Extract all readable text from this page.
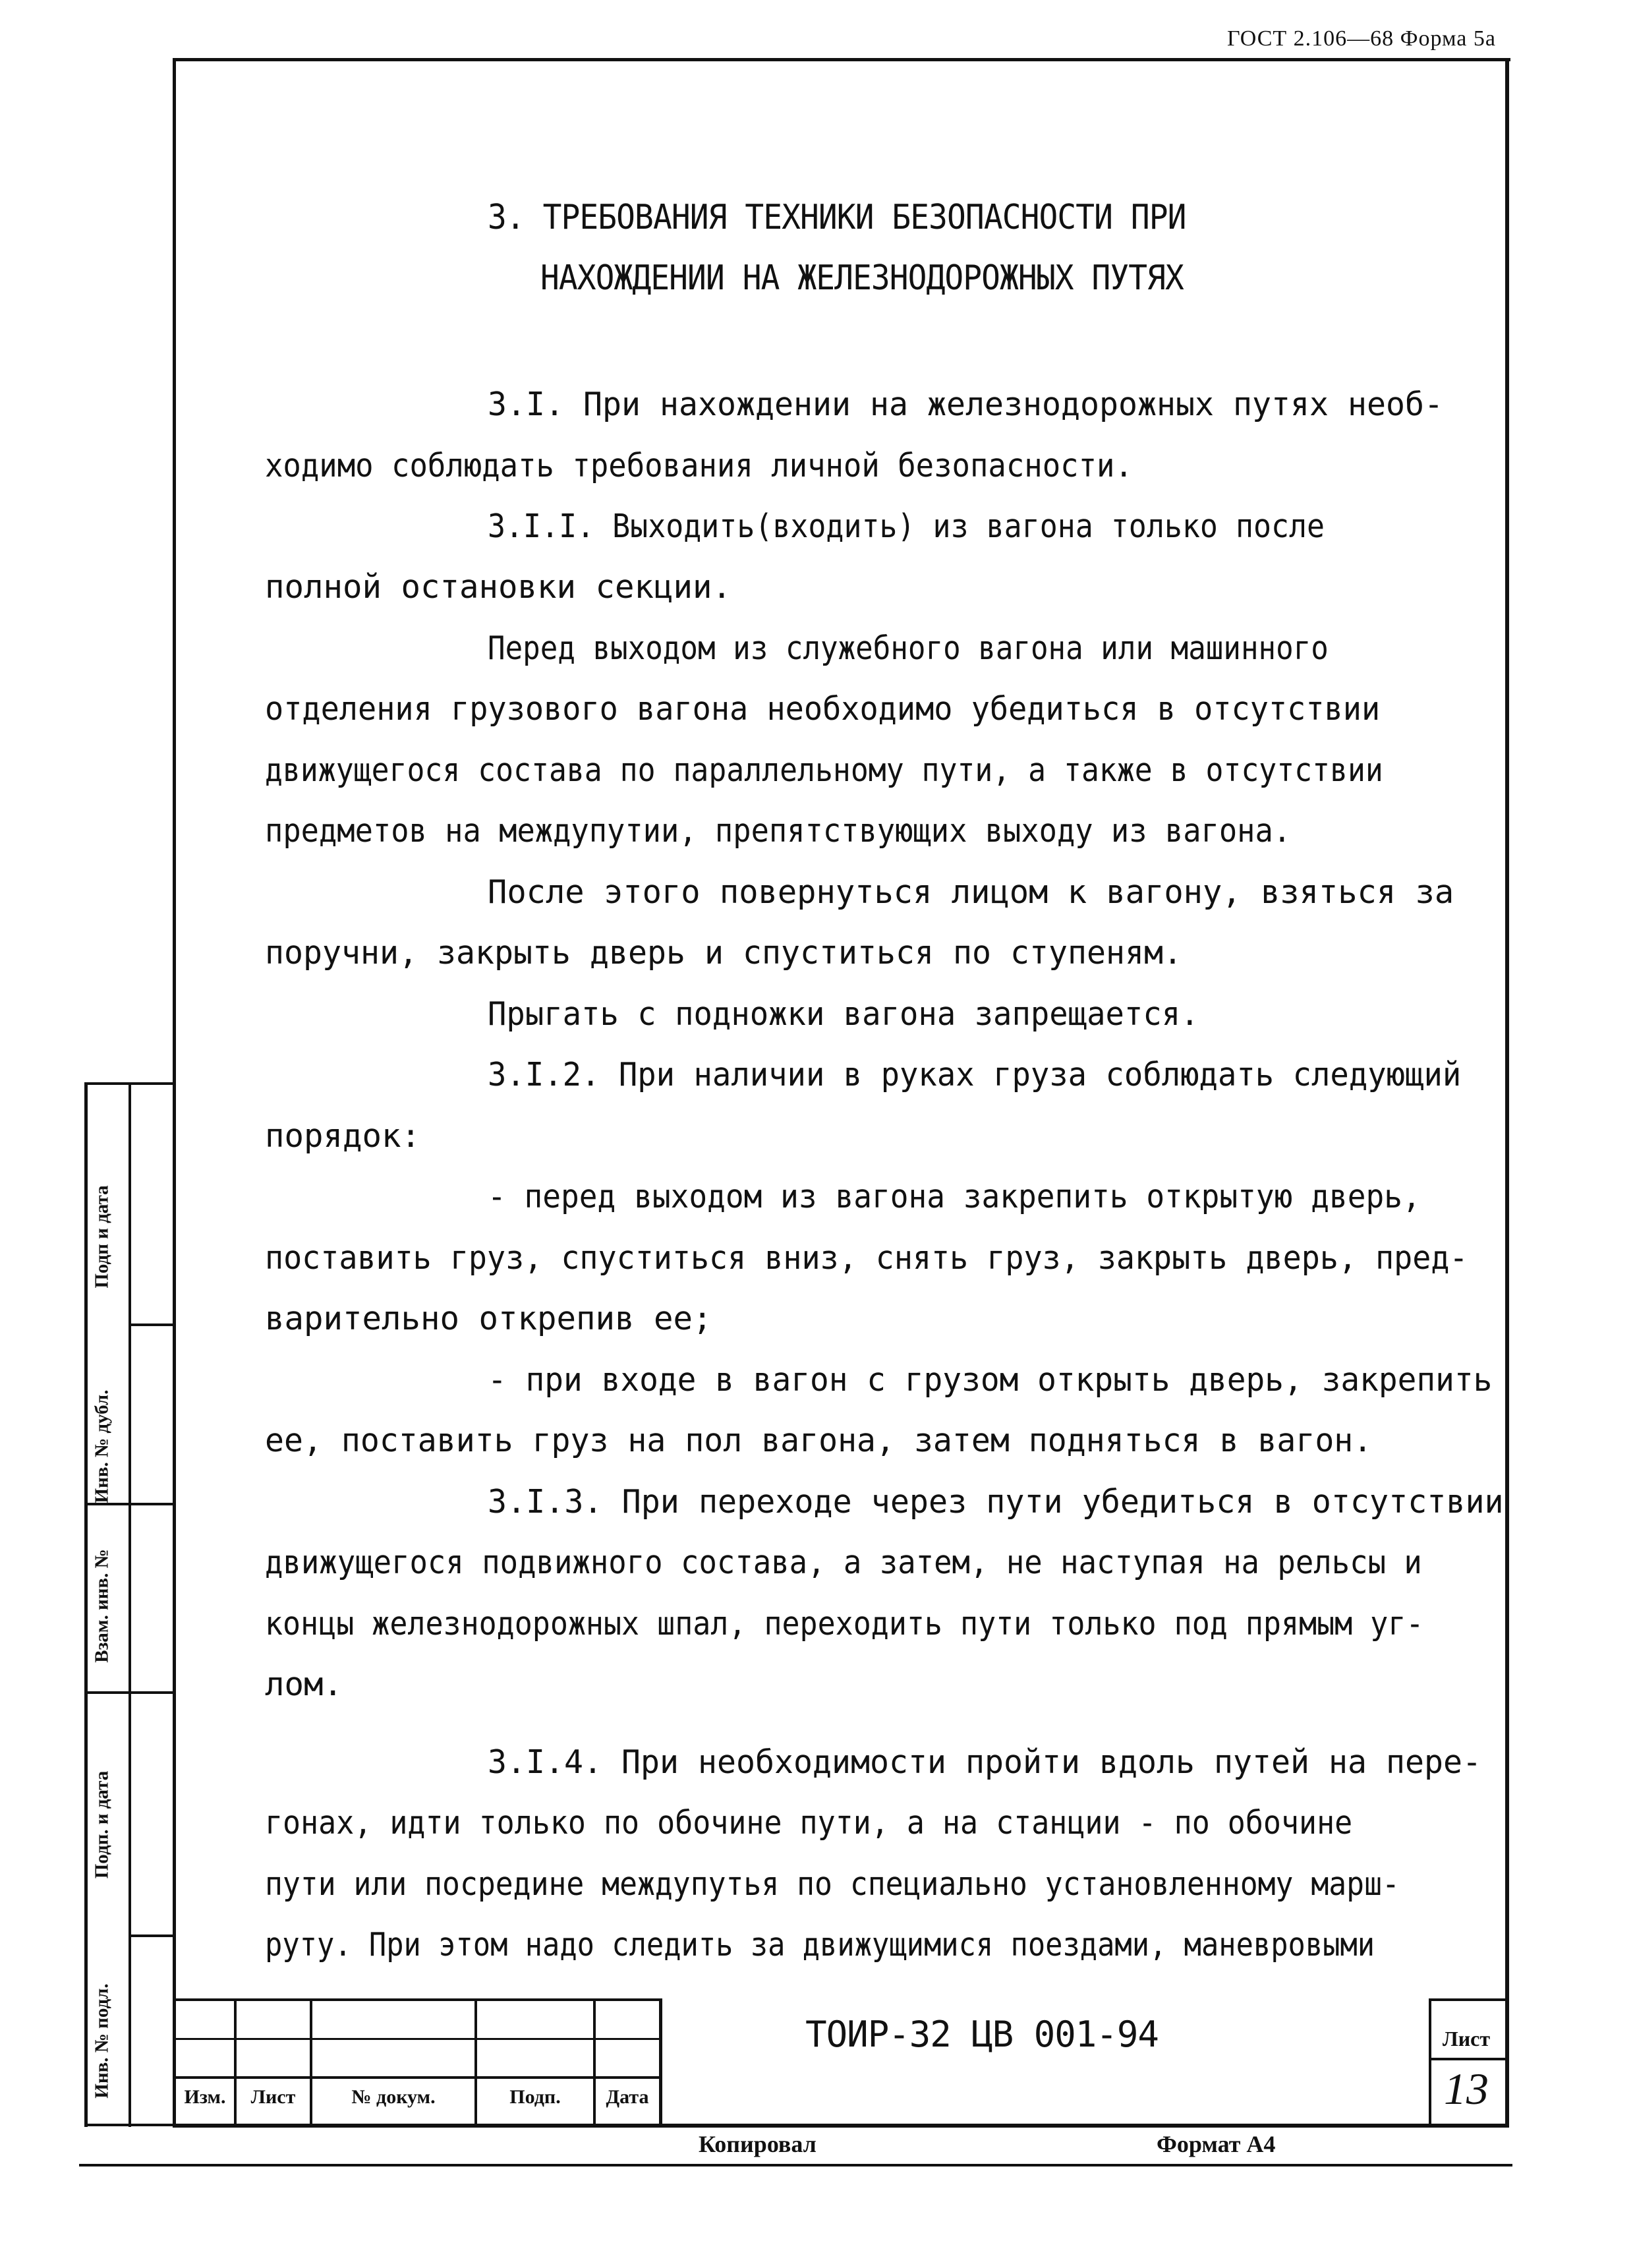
ГОСТ 2.106—68 Форма 5а
3. ТРЕБОВАНИЯ ТЕХНИКИ БЕЗОПАСНОСТИ ПРИ
НАХОЖДЕНИИ НА ЖЕЛЕЗНОДОРОЖНЫХ ПУТЯХ
3.I. При нахождении на железнодорожных путях необ-
ходимо соблюдать требования личной безопасности.
3.I.I. Выходить(входить) из вагона только после
полной остановки секции.
Перед выходом из служебного вагона или машинного
отделения грузового вагона необходимо убедиться в отсутствии
движущегося состава по параллельному пути, а также в отсутствии
предметов на междупутии, препятствующих выходу из вагона.
После этого повернуться лицом к вагону, взяться за
поручни, закрыть дверь и спуститься по ступеням.
Прыгать с подножки вагона запрещается.
3.I.2. При наличии в руках груза соблюдать следующий
порядок:
- перед выходом из вагона закрепить открытую дверь,
поставить груз, спуститься вниз, снять груз, закрыть дверь, пред-
варительно открепив ее;
- при входе в вагон с грузом открыть дверь, закрепить
ее, поставить груз на пол вагона, затем подняться в вагон.
3.I.3. При переходе через пути убедиться в отсутствии
движущегося подвижного состава, а затем, не наступая на рельсы и
концы железнодорожных шпал, переходить пути только под прямым уг-
лом.
3.I.4. При необходимости пройти вдоль путей на пере-
гонах, идти только по обочине пути, а на станции - по обочине
пути или посредине междупутья по специально установленному марш-
руту. При этом надо следить за движущимися поездами, маневровыми
Подп и дата
Инв. № дубл.
Взам. инв. №
Подп. и дата
Инв. № подл.	Изм.	Лист	№ докум.	Подп.	Дата
ТОИР-32 ЦВ 001-94	Лист
13
Копировал	Формат А4
